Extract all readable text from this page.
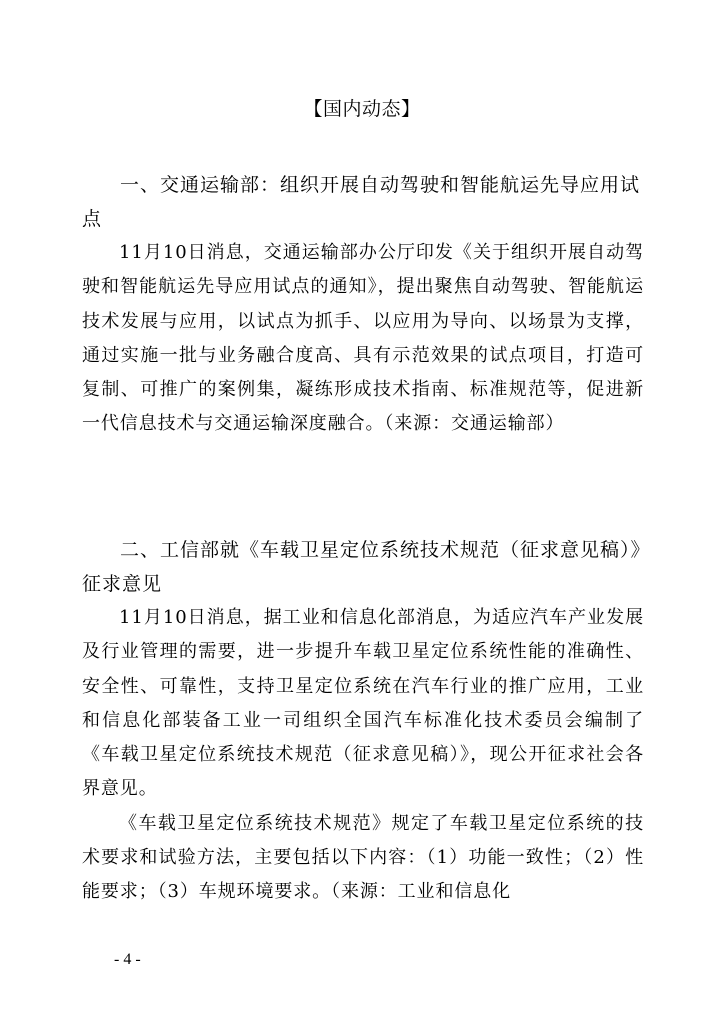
【国内动态】

一、交通运输部：组织开展自动驾驶和智能航运先导应用试点

11月10日消息，交通运输部办公厅印发《关于组织开展自动驾驶和智能航运先导应用试点的通知》，提出聚焦自动驾驶、智能航运技术发展与应用，以试点为抓手、以应用为导向、以场景为支撑，通过实施一批与业务融合度高、具有示范效果的试点项目，打造可复制、可推广的案例集，凝练形成技术指南、标准规范等，促进新一代信息技术与交通运输深度融合。（来源：交通运输部）

二、工信部就《车载卫星定位系统技术规范（征求意见稿）》征求意见

11月10日消息，据工业和信息化部消息，为适应汽车产业发展及行业管理的需要，进一步提升车载卫星定位系统性能的准确性、安全性、可靠性，支持卫星定位系统在汽车行业的推广应用，工业和信息化部装备工业一司组织全国汽车标准化技术委员会编制了《车载卫星定位系统技术规范（征求意见稿）》，现公开征求社会各界意见。

《车载卫星定位系统技术规范》规定了车载卫星定位系统的技术要求和试验方法，主要包括以下内容：（1）功能一致性；（2）性能要求；（3）车规环境要求。（来源：工业和信息化

- 4 -
